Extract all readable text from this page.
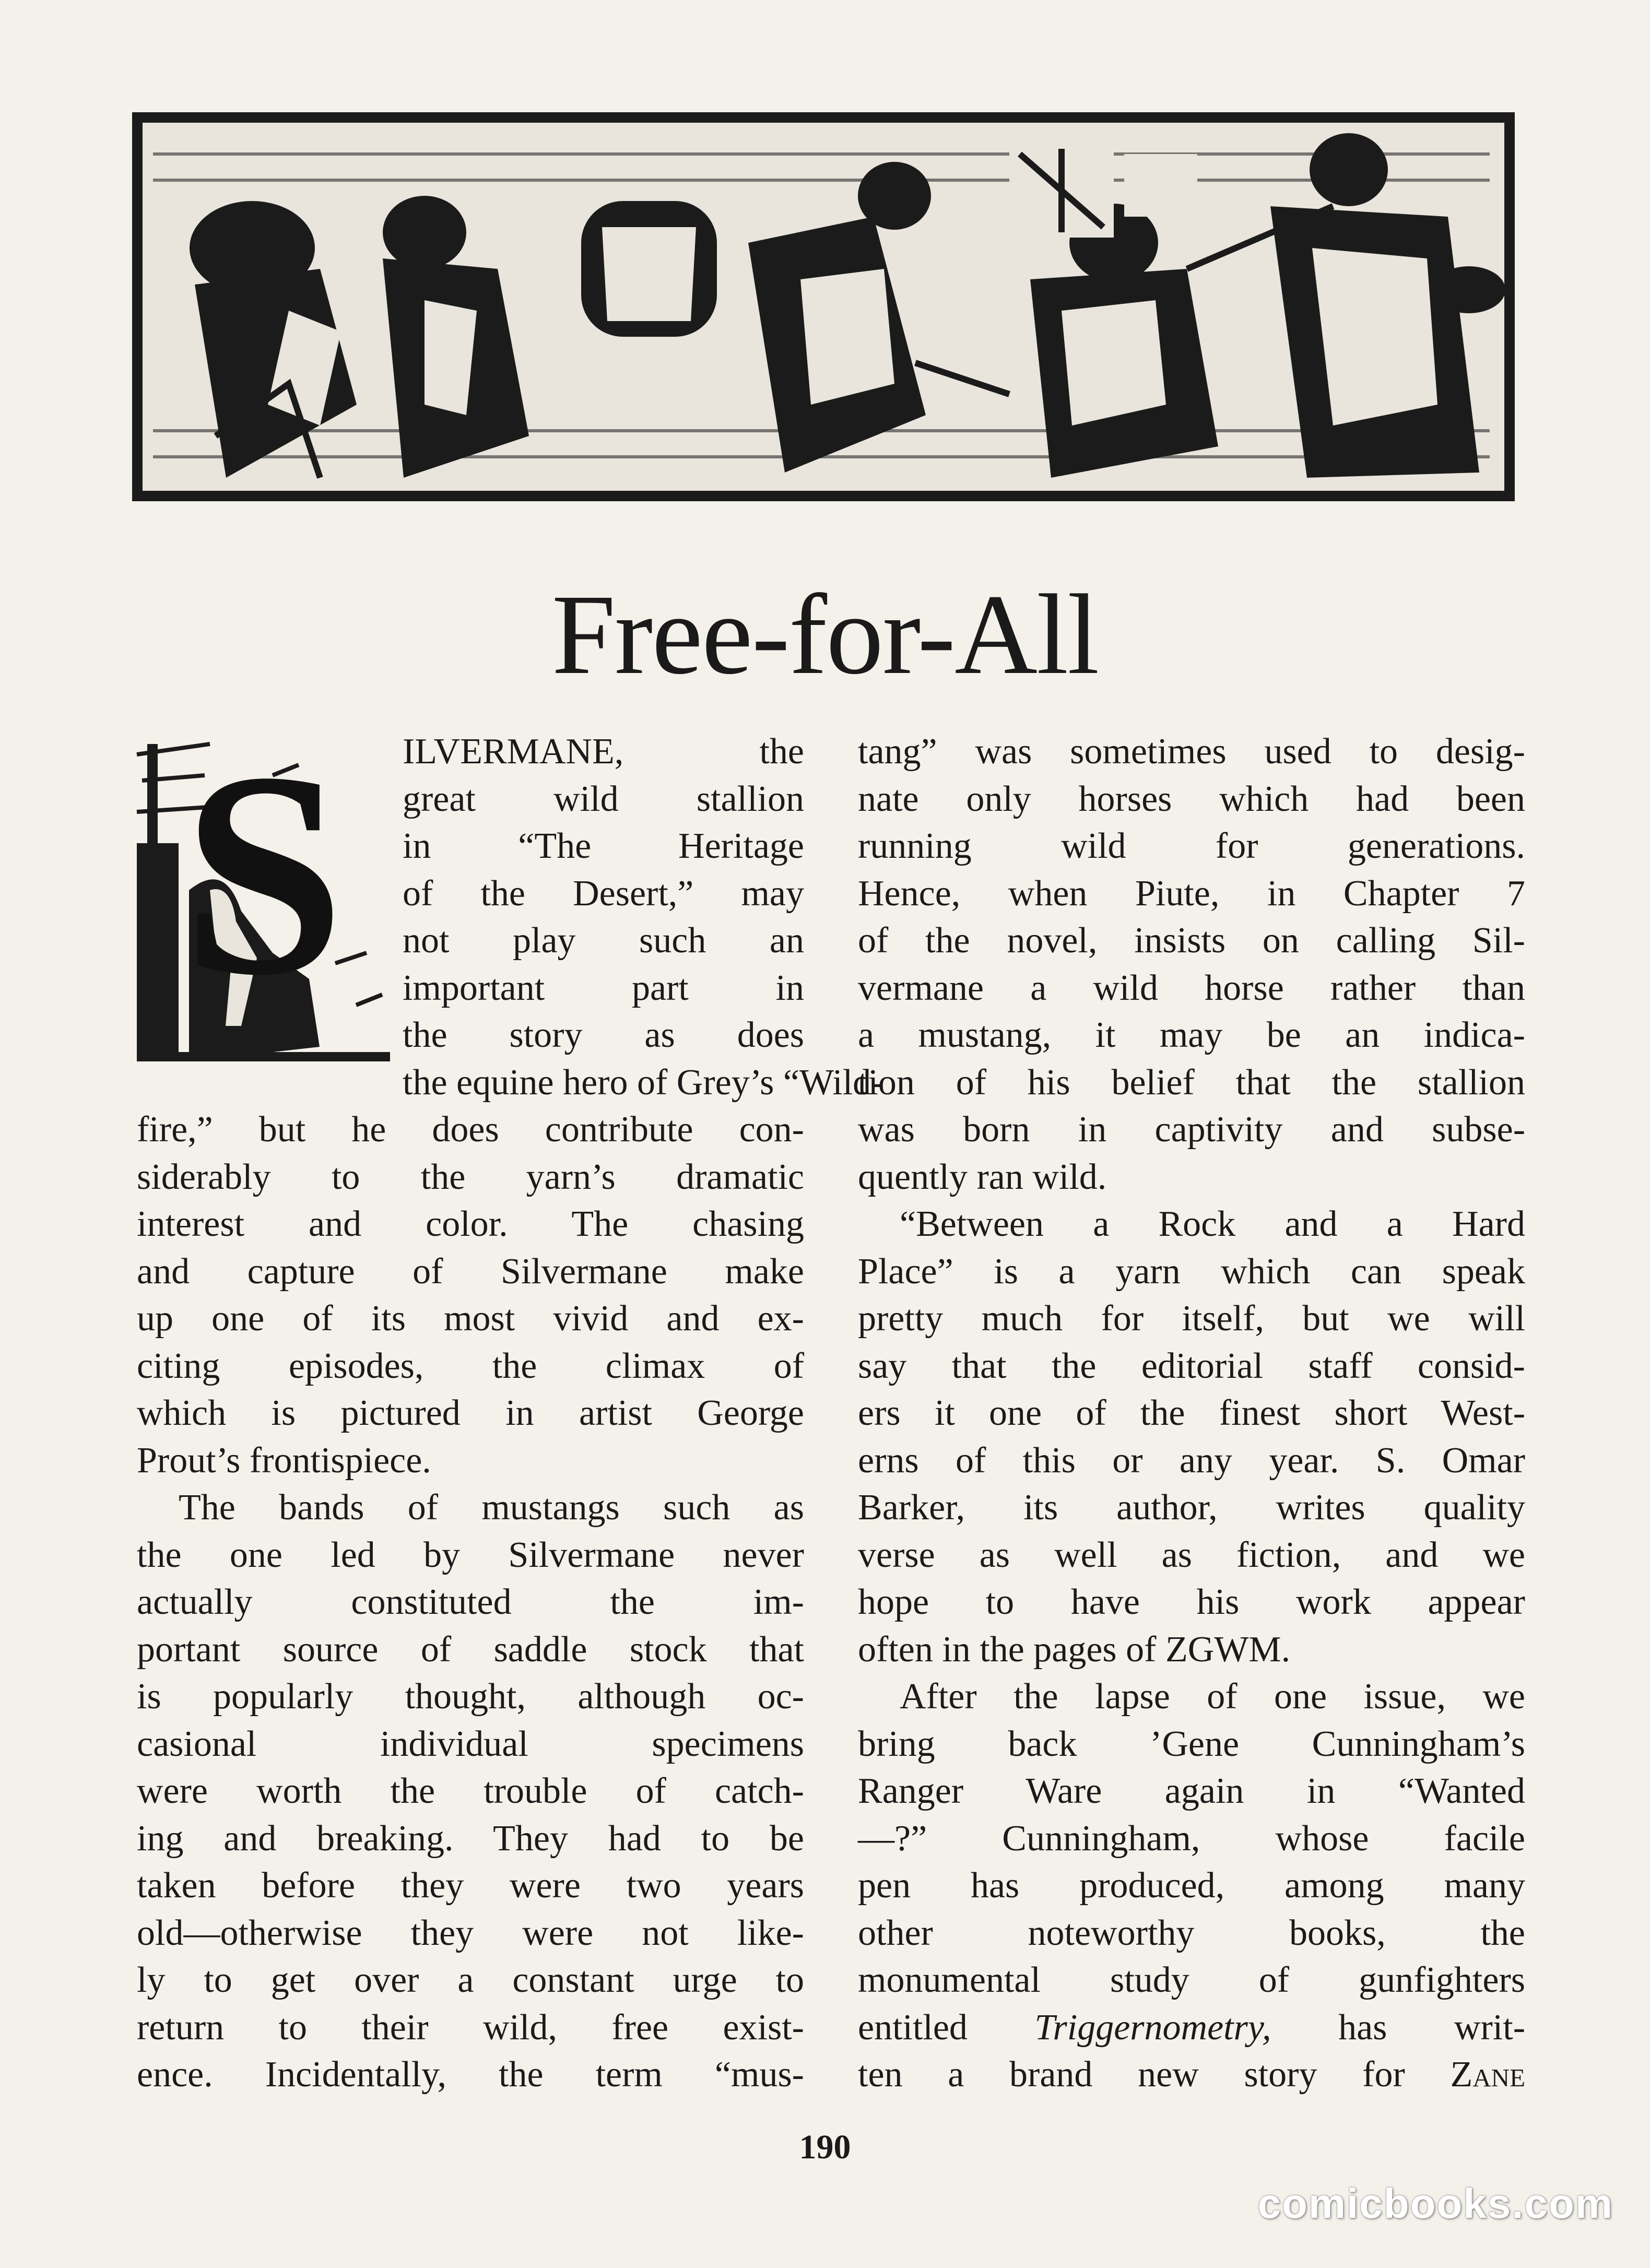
Free-for-All
ILVERMANE, the
great wild stallion
in “The Heritage
of the Desert,” may
not play such an
important part in
the story as does
the equine hero of Grey’s “Wild-
fire,” but he does contribute con-
siderably to the yarn’s dramatic
interest and color. The chasing
and capture of Silvermane make
up one of its most vivid and ex-
citing episodes, the climax of
which is pictured in artist George
Prout’s frontispiece.
The bands of mustangs such as
the one led by Silvermane never
actually constituted the im-
portant source of saddle stock that
is popularly thought, although oc-
casional individual specimens
were worth the trouble of catch-
ing and breaking. They had to be
taken before they were two years
old—otherwise they were not like-
ly to get over a constant urge to
return to their wild, free exist-
ence. Incidentally, the term “mus-
S	tang” was sometimes used to desig-
nate only horses which had been
running wild for generations.
Hence, when Piute, in Chapter 7
of the novel, insists on calling Sil-
vermane a wild horse rather than
a mustang, it may be an indica-
tion of his belief that the stallion
was born in captivity and subse-
quently ran wild.
“Between a Rock and a Hard
Place” is a yarn which can speak
pretty much for itself, but we will
say that the editorial staff consid-
ers it one of the finest short West-
erns of this or any year. S. Omar
Barker, its author, writes quality
verse as well as fiction, and we
hope to have his work appear
often in the pages of ZGWM.
After the lapse of one issue, we
bring back ’Gene Cunningham’s
Ranger Ware again in “Wanted
—?” Cunningham, whose facile
pen has produced, among many
other noteworthy books, the
monumental study of gunfighters
entitled Triggernometry, has writ-
ten a brand new story for Zane
190
comicbooks.com
